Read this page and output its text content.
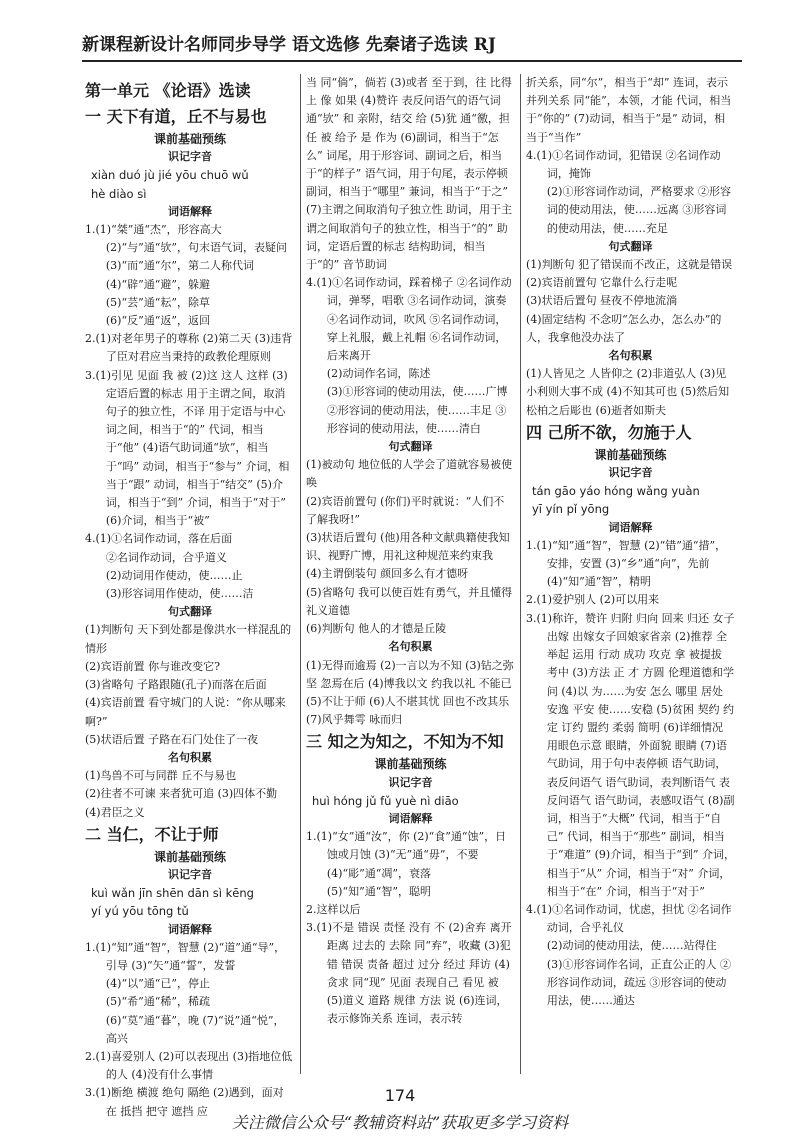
新课程新设计名师同步导学 语文选修 先秦诸子选读 RJ
第一单元 《论语》选读
一 天下有道，丘不与易也
课前基础预练
识记字音
xiàn duó jù jié yōu chuō wǔ
hè diào sì
词语解释
1.(1)“桀”通“杰”，形容高大 (2)“与”通“欤”，句末语气词，表疑问 (3)“而”通“尔”，第二人称代词 (4)“辟”通“避”，躲避 (5)“芸”通“耘”，除草 (6)“反”通“返”，返回
2.(1)对老年男子的尊称 (2)第二天 (3)违背了臣对君应当秉持的政教伦理原则
3.(1)引见 见面 我 被 (2)这 这人 这样 (3)定语后置的标志 用于主谓之间，取消句子的独立性，不译 用于定语与中心词之间，相当于“的” 代词，相当于“他” (4)语气助词通“欤”，相当于“吗” 动词，相当于“参与” 介词，相当于“跟” 动词，相当于“结交” (5)介词，相当于“到” 介词，相当于“对于” (6)介词，相当于“被”
4.(1)①名词作动词，落在后面
②名词作动词，合乎道义
(2)动词用作使动，使……止
(3)形容词用作使动，使……洁
句式翻译
(1)判断句 天下到处都是像洪水一样混乱的情形
(2)宾语前置 你与谁改变它?
(3)省略句 子路跟随(孔子)而落在后面
(4)宾语前置 看守城门的人说：“你从哪来啊?”
(5)状语后置 子路在石门处住了一夜
名句积累
(1)鸟兽不可与同群 丘不与易也
(2)往者不可谏 来者犹可追 (3)四体不勤 (4)君臣之义
二 当仁，不让于师
课前基础预练
识记字音
kuì wǎn jīn shēn dān sì kēng
yí yú yōu tōng tǔ
词语解释
1.(1)“知”通“智”，智慧 (2)“道”通“导”，引导 (3)“矢”通“誓”，发誓 (4)“以”通“已”，停止 (5)“希”通“稀”，稀疏 (6)“莫”通“暮”，晚 (7)“说”通“悦”，高兴
2.(1)喜爱别人 (2)可以表现出 (3)指地位低的人 (4)没有什么事情
3.(1)断绝 横渡 绝句 隔绝 (2)遇到，面对 在 抵挡 把守 遮挡 应
当 同“倘”，倘若 (3)或者 至于到，往 比得上 像 如果 (4)赞许 表反问语气的语气词通“欤” 和 亲附，结交 给 (5)犹 通“徼，担任 被 给予 是 作为 (6)副词，相当于“怎么” 词尾，用于形容词、副词之后，相当于“的样子” 语气词，用于句尾，表示停顿 副词，相当于“哪里” 兼词，相当于“于之” (7)主谓之间取消句子独立性 助词，用于主谓之间取消句子的独立性，相当于“的” 助词，定语后置的标志 结构助词，相当于“的” 音节助词
4.(1)①名词作动词，踩着梯子 ②名词作动词，弹琴，唱歌 ③名词作动词，演奏 ④名词作动词，吹风 ⑤名词作动词，穿上礼服，戴上礼帽 ⑥名词作动词，后来离开
(2)动词作名词，陈述
(3)①形容词的使动用法，使……广博 ②形容词的使动用法，使……丰足 ③形容词的使动用法，使……清白
句式翻译
(1)被动句 地位低的人学会了道就容易被使唤
(2)宾语前置句 (你们)平时就说：“人们不了解我呀!”
(3)状语后置句 (他)用各种文献典籍使我知识、视野广博，用礼这种规范来约束我
(4)主谓倒装句 颜回多么有才德呀
(5)省略句 我可以使百姓有勇气，并且懂得礼义道德
(6)判断句 他人的才德是丘陵
名句积累
(1)无得而逾焉 (2)一言以为不知 (3)钻之弥坚 忽焉在后 (4)博我以文 约我以礼 不能已 (5)不让于师 (6)人不堪其忧 回也不改其乐 (7)风乎舞雩 咏而归
三 知之为知之，不知为不知
课前基础预练
识记字音
huì hóng jǔ fǔ yuè nì diāo
词语解释
1.(1)“女”通“汝”，你 (2)“食”通“蚀”，日蚀或月蚀 (3)“无”通“毋”，不要 (4)“彫”通“凋”，衰落 (5)“知”通“智”，聪明
2.这样以后
3.(1)不是 错误 责怪 没有 不 (2)舍弃 离开 距离 过去的 去除 同“弃”，收藏 (3)犯错 错误 责备 超过 过分 经过 拜访 (4)贪求 同“现” 见面 表现自己 看见 被 (5)道义 道路 规律 方法 说 (6)连词，表示修饰关系 连词，表示转
折关系，同“尔”，相当于“却” 连词，表示并列关系 同“能”，本领，才能 代词，相当于“你的” (7)动词，相当于“是” 动词，相当于“当作”
4.(1)①名词作动词，犯错误 ②名词作动词，掩饰
(2)①形容词作动词，严格要求 ②形容词的使动用法，使……远离 ③形容词的使动用法，使……充足
句式翻译
(1)判断句 犯了错误而不改正，这就是错误
(2)宾语前置句 它靠什么行走呢
(3)状语后置句 昼夜不停地流淌
(4)固定结构 不念叨“怎么办，怎么办”的人，我拿他没办法了
名句积累
(1)人皆见之 人皆仰之 (2)非道弘人 (3)见小利则大事不成 (4)不知其可也 (5)然后知松柏之后彫也 (6)逝者如斯夫
四 己所不欲，勿施于人
课前基础预练
识记字音
tán gāo yáo hóng wǎng yuàn
yī yín pǐ yōng
词语解释
1.(1)“知”通“智”，智慧 (2)“错”通“措”，安排，安置 (3)“乡”通“向”，先前 (4)“知”通“智”，精明
2.(1)爱护别人 (2)可以用来
3.(1)称许，赞许 归附 归向 回来 归还 女子出嫁 出嫁女子回娘家省亲 (2)推荐 全 举起 运用 行动 成功 攻克 拿 被提拔 考中 (3)方法 正 才 方圆 伦理道德和学问 (4)以 为……为安 怎么 哪里 居处 安逸 平安 使……安稳 (5)贫困 契约 约定 订约 盟约 柔弱 简明 (6)详细情况 用眼色示意 眼睛，外面貌 眼睛 (7)语气助词，用于句中表停顿 语气助词，表反问语气 语气助词，表判断语气 表反问语气 语气助词，表感叹语气 (8)副词，相当于“大概” 代词，相当于“自己” 代词，相当于“那些” 副词，相当于“难道” (9)介词，相当于“到” 介词，相当于“从” 介词，相当于“对” 介词，相当于“在” 介词，相当于“对于”
4.(1)①名词作动词，忧虑，担忧 ②名词作动词，合乎礼仪
(2)动词的使动用法，使……站得住
(3)①形容词作名词，正直公正的人 ②形容词作动词，疏远 ③形容词的使动用法，使……通达
174
关注微信公众号“教辅资料站”获取更多学习资料
